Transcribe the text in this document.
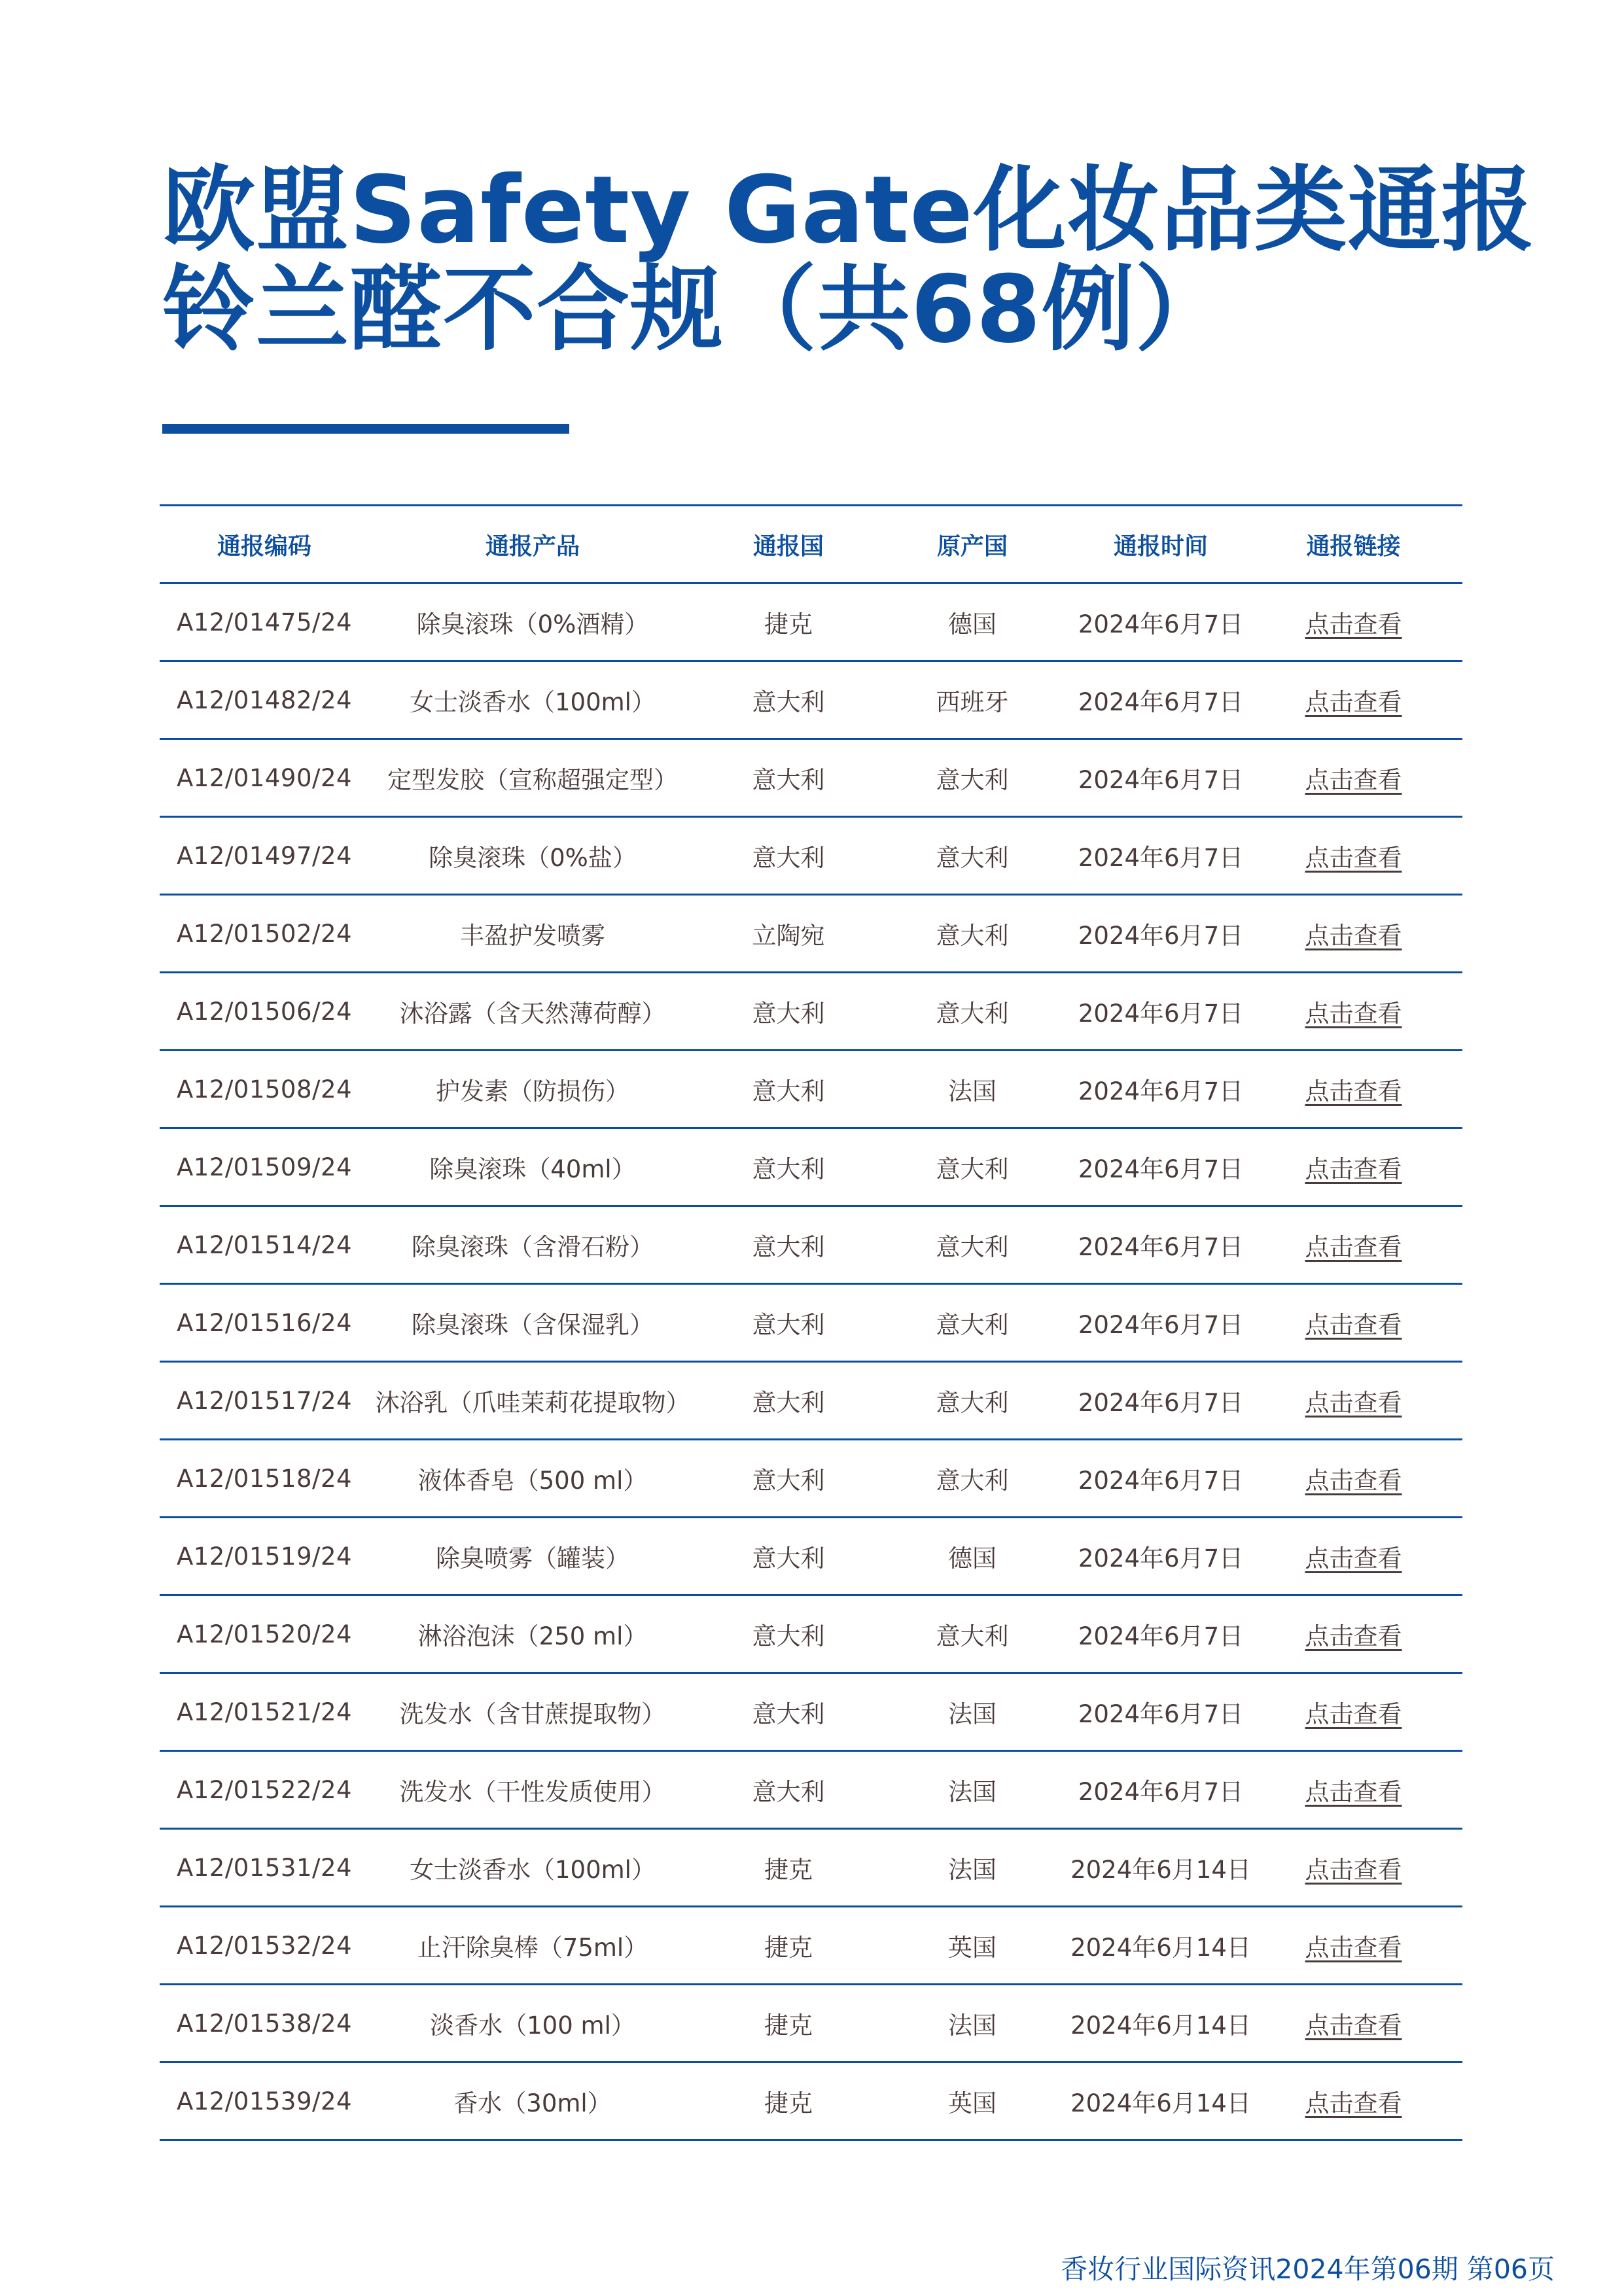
欧盟Safety Gate化妆品类通报
铃兰醛不合规（共68例）
通报编码	通报产品	通报国	原产国	通报时间	通报链接	
A12/01475/24	除臭滚珠（0%酒精）	捷克	德国	2024年6月7日	点击查看	
A12/01482/24	女士淡香水（100ml）	意大利	西班牙	2024年6月7日	点击查看	
A12/01490/24	定型发胶（宣称超强定型）	意大利	意大利	2024年6月7日	点击查看	
A12/01497/24	除臭滚珠（0%盐）	意大利	意大利	2024年6月7日	点击查看	
A12/01502/24	丰盈护发喷雾	立陶宛	意大利	2024年6月7日	点击查看	
A12/01506/24	沐浴露（含天然薄荷醇）	意大利	意大利	2024年6月7日	点击查看	
A12/01508/24	护发素（防损伤）	意大利	法国	2024年6月7日	点击查看	
A12/01509/24	除臭滚珠（40ml）	意大利	意大利	2024年6月7日	点击查看	
A12/01514/24	除臭滚珠（含滑石粉）	意大利	意大利	2024年6月7日	点击查看	
A12/01516/24	除臭滚珠（含保湿乳）	意大利	意大利	2024年6月7日	点击查看	
A12/01517/24	沐浴乳（爪哇茉莉花提取物）	意大利	意大利	2024年6月7日	点击查看	
A12/01518/24	液体香皂（500 ml）	意大利	意大利	2024年6月7日	点击查看	
A12/01519/24	除臭喷雾（罐装）	意大利	德国	2024年6月7日	点击查看	
A12/01520/24	淋浴泡沫（250 ml）	意大利	意大利	2024年6月7日	点击查看	
A12/01521/24	洗发水（含甘蔗提取物）	意大利	法国	2024年6月7日	点击查看	
A12/01522/24	洗发水（干性发质使用）	意大利	法国	2024年6月7日	点击查看	
A12/01531/24	女士淡香水（100ml）	捷克	法国	2024年6月14日	点击查看	
A12/01532/24	止汗除臭棒（75ml）	捷克	英国	2024年6月14日	点击查看	
A12/01538/24	淡香水（100 ml）	捷克	法国	2024年6月14日	点击查看	
A12/01539/24	香水（30ml）	捷克	英国	2024年6月14日	点击查看	
香妆行业国际资讯2024年第06期 第06页
